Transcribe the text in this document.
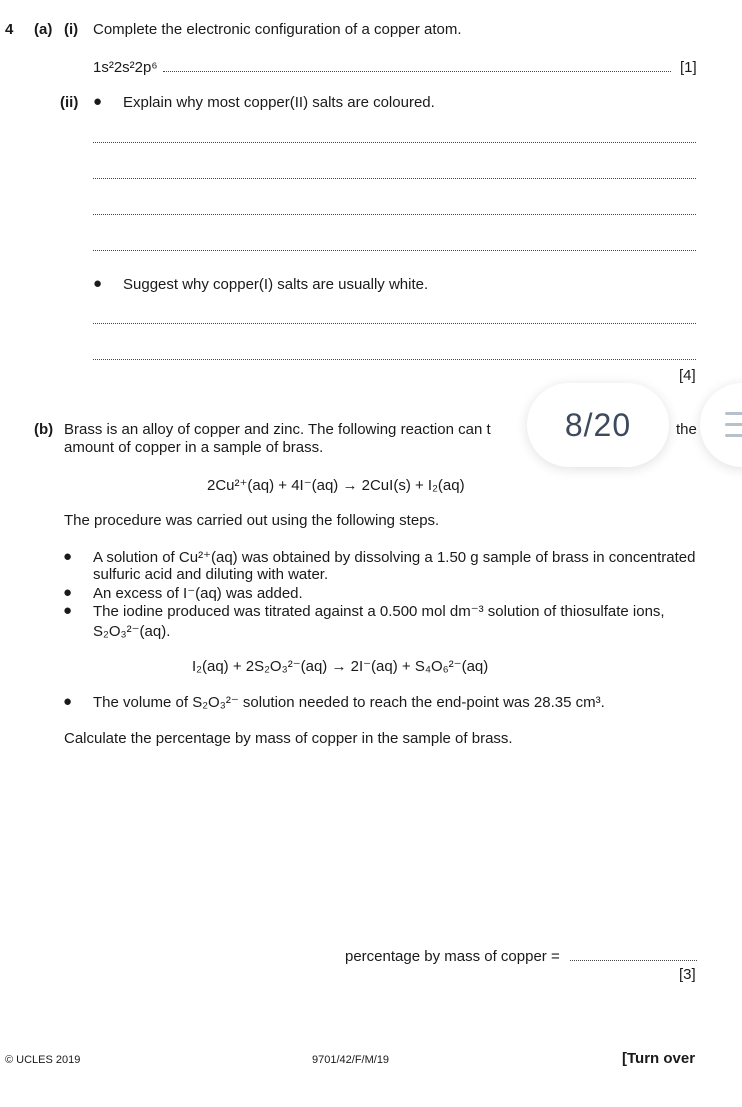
4 (a) (i) Complete the electronic configuration of a copper atom.
1s²2s²2p⁶	[1]
(ii) ● Explain why most copper(II) salts are coloured.
● Suggest why copper(I) salts are usually white.
[4]
(b) Brass is an alloy of copper and zinc. The following reaction can t	the
amount of copper in a sample of brass.
2Cu²⁺(aq) + 4I⁻(aq) → 2CuI(s) + I₂(aq)
The procedure was carried out using the following steps.
● A solution of Cu²⁺(aq) was obtained by dissolving a 1.50 g sample of brass in concentrated
sulfuric acid and diluting with water.
● An excess of I⁻(aq) was added.
● The iodine produced was titrated against a 0.500 mol dm⁻³ solution of thiosulfate ions,
S₂O₃²⁻(aq).
I₂(aq) + 2S₂O₃²⁻(aq) → 2I⁻(aq) + S₄O₆²⁻(aq)
● The volume of S₂O₃²⁻ solution needed to reach the end-point was 28.35 cm³.
Calculate the percentage by mass of copper in the sample of brass.
percentage by mass of copper =
[3]
© UCLES 2019	9701/42/F/M/19	[Turn over
8/20
